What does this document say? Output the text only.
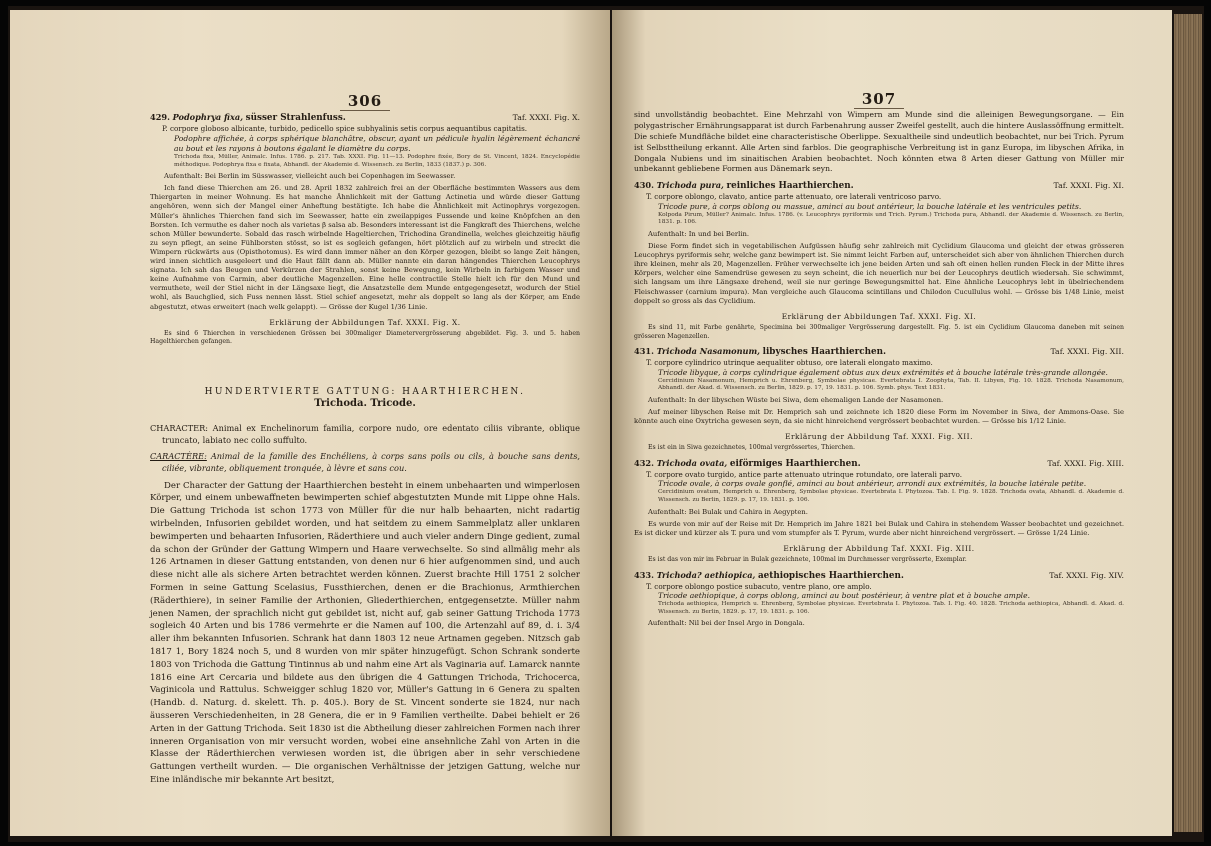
306
Taf. XXXI. Fig. X.
429. Podophrya fixa, süsser Strahlenfuss.
P. corpore globoso albicante, turbido, pedicello spice subhyalinis setis corpus aequantibus capitatis.
Podophre affichée, à corps sphérique blanchâtre, obscur, ayant un pédicule hyalin légèrement échancré au bout et les rayons à boutons égalant le diamètre du corps.
Trichoda fixa, Müller, Animalc. Infus. 1786. p. 217. Tab. XXXI. Fig. 11—13. Podophre fixée, Bory de St. Vincent, 1824. Encyclopédie méthodique. Podophrya fixa e fixata, Abhandl. der Akademie d. Wissensch. zu Berlin, 1833 (1837.) p. 306.
Aufenthalt: Bei Berlin im Süsswasser, vielleicht auch bei Copenhagen im Seewasser.
Ich fand diese Thierchen am 26. und 28. April 1832 zahlreich frei an der Oberfläche bestimmten Wassers aus dem Thiergarten in meiner Wohnung. Es hat manche Ähnlichkeit mit der Gattung Actinetia und würde dieser Gattung angehören, wenn sich der Mangel einer Anheftung bestätigte. Ich habe die Ähnlichkeit mit Actinophrys vorgezogen. Müller's ähnliches Thierchen fand sich im Seewasser, hatte ein zweilappiges Fussende und keine Knöpfchen an den Borsten. Ich vermuthe es daher noch als varietas β salsa ab. Besonders interessant ist die Fangkraft des Thierchens, welche schon Müller bewunderte. Sobald das rasch wirbelnde Hageltierchen, Trichodina Grandinella, welches gleichzeitig häufig zu seyn pflegt, an seine Fühlborsten stösst, so ist es sogleich gefangen, hört plötzlich auf zu wirbeln und streckt die Wimpern rückwärts aus (Opisthotomus). Es wird dann immer näher an den Körper gezogen, bleibt so lange Zeit hängen, wird innen sichtlich ausgeleert und die Haut fällt dann ab. Müller nannte ein daran hängendes Thierchen Leucophrys signata. Ich sah das Beugen und Verkürzen der Strahlen, sonst keine Bewegung, kein Wirbeln in farbigem Wasser und keine Aufnahme von Carmin, aber deutliche Magenzellen. Eine helle contractile Stelle hielt ich für den Mund und vermuthete, weil der Stiel nicht in der Längsaxe liegt, die Ansatzstelle dem Munde entgegengesetzt, wodurch der Stiel wohl, als Bauchglied, sich Fuss nennen lässt. Stiel schief angesetzt, mehr als doppelt so lang als der Körper, am Ende abgestutzt, etwas erweitert (nach welk gelappt). — Grösse der Kugel 1/36 Linie.
Erklärung der Abbildungen Taf. XXXI. Fig. X.
Es sind 6 Thierchen in verschiedenen Grössen bei 300maliger Diametervergrösserung abgebildet. Fig. 3. und 5. haben Hagelthierchen gefangen.
HUNDERTVIERTE GATTUNG: HAARTHIERCHEN.
Trichoda. Tricode.
CHARACTER: Animal ex Enchelinorum familia, corpore nudo, ore edentato ciliis vibrante, oblique truncato, labiato nec collo suffulto.
CARACTÈRE: Animal de la famille des Enchéliens, à corps sans poils ou cils, à bouche sans dents, ciliée, vibrante, obliquement tronquée, à lèvre et sans cou.
Der Character der Gattung der Haarthierchen besteht in einem unbehaarten und wimperlosen Körper, und einem unbewaffneten bewimperten schief abgestutzten Munde mit Lippe ohne Hals. Die Gattung Trichoda ist schon 1773 von Müller für die nur halb behaarten, nicht radartig wirbelnden, Infusorien gebildet worden, und hat seitdem zu einem Sammelplatz aller unklaren bewimperten und behaarten Infusorien, Räderthiere und auch vieler andern Dinge gedient, zumal da schon der Gründer der Gattung Wimpern und Haare verwechselte. So sind allmälig mehr als 126 Artnamen in dieser Gattung entstanden, von denen nur 6 hier aufgenommen sind, und auch diese nicht alle als sichere Arten betrachtet werden können. Zuerst brachte Hill 1751 2 solcher Formen in seine Gattung Scelasius, Fussthierchen, denen er die Brachionus, Armthierchen (Räderthiere), in seiner Familie der Arthonien, Gliederthierchen, entgegensetzte. Müller nahm jenen Namen, der sprachlich nicht gut gebildet ist, nicht auf, gab seiner Gattung Trichoda 1773 sogleich 40 Arten und bis 1786 vermehrte er die Namen auf 100, die Artenzahl auf 89, d. i. 3/4 aller ihm bekannten Infusorien. Schrank hat dann 1803 12 neue Artnamen gegeben. Nitzsch gab 1817 1, Bory 1824 noch 5, und 8 wurden von mir später hinzugefügt. Schon Schrank sonderte 1803 von Trichoda die Gattung Tintinnus ab und nahm eine Art als Vaginaria auf. Lamarck nannte 1816 eine Art Cercaria und bildete aus den übrigen die 4 Gattungen Trichoda, Trichocerca, Vaginicola und Rattulus. Schweigger schlug 1820 vor, Müller's Gattung in 6 Genera zu spalten (Handb. d. Naturg. d. skelett. Th. p. 405.). Bory de St. Vincent sonderte sie 1824, nur nach äusseren Verschiedenheiten, in 28 Genera, die er in 9 Familien vertheilte. Dabei behielt er 26 Arten in der Gattung Trichoda. Seit 1830 ist die Abtheilung dieser zahlreichen Formen nach ihrer inneren Organisation von mir versucht worden, wobei eine ansehnliche Zahl von Arten in die Klasse der Räderthierchen verwiesen worden ist, die übrigen aber in sehr verschiedene Gattungen vertheilt wurden. — Die organischen Verhältnisse der jetzigen Gattung, welche nur Eine inländische mir bekannte Art besitzt,
307
sind unvollständig beobachtet. Eine Mehrzahl von Wimpern am Munde sind die alleinigen Bewegungsorgane. — Ein polygastrischer Ernährungsapparat ist durch Farbenahrung ausser Zweifel gestellt, auch die hintere Auslassöffnung ermittelt. Die schiefe Mundfläche bildet eine characteristische Oberlippe. Sexualtheile sind undeutlich beobachtet, nur bei Trich. Pyrum ist Selbsttheilung erkannt. Alle Arten sind farblos. Die geographische Verbreitung ist in ganz Europa, im libyschen Afrika, in Dongala Nubiens und im sinaitischen Arabien beobachtet. Noch könnten etwa 8 Arten dieser Gattung von Müller mir unbekannt gebliebene Formen aus Dänemark seyn.
Taf. XXXI. Fig. XI.
430. Trichoda pura, reinliches Haarthierchen.
T. corpore oblongo, clavato, antice parte attenuato, ore laterali ventricoso parvo.
Tricode pure, à corps oblong ou massue, aminci au bout antérieur, la bouche latérale et les ventricules petits.
Kolpoda Pirum, Müller? Animalc. Infus. 1786. (v. Leucophrys pyriformis und Trich. Pyrum.) Trichoda pura, Abhandl. der Akademie d. Wissensch. zu Berlin, 1831. p. 106.
Aufenthalt: In und bei Berlin.
Diese Form findet sich in vegetabilischen Aufgüssen häufig sehr zahlreich mit Cyclidium Glaucoma und gleicht der etwas grösseren Leucophrys pyriformis sehr, welche ganz bewimpert ist. Sie nimmt leicht Farben auf, unterscheidet sich aber von ähnlichen Thierchen durch ihre kleinen, mehr als 20, Magenzellen. Früher verwechselte ich jene beiden Arten und sah oft einen hellen runden Fleck in der Mitte ihres Körpers, welcher eine Samendrüse gewesen zu seyn scheint, die ich neuerlich nur bei der Leucophrys deutlich wiedersah. Sie schwimmt, sich langsam um ihre Längsaxe drehend, weil sie nur geringe Bewegungsmittel hat. Eine ähnliche Leucophrys lebt in übelriechendem Fleischwasser (carnium impura). Man vergleiche auch Glaucoma scintillans und Chilodon Cucullulus wohl. — Grösse bis 1/48 Linie, meist doppelt so gross als das Cyclidium.
Erklärung der Abbildungen Taf. XXXI. Fig. XI.
Es sind 11, mit Farbe genährte, Specimina bei 300maliger Vergrösserung dargestellt. Fig. 5. ist ein Cyclidium Glaucoma daneben mit seinen grösseren Magenzellen.
Taf. XXXI. Fig. XII.
431. Trichoda Nasamonum, libysches Haarthierchen.
T. corpore cylindrico utrinque aequaliter obtuso, ore laterali elongato maximo.
Tricode libyque, à corps cylindrique également obtus aux deux extrémités et à bouche latérale très-grande allongée.
Cercidinium Nasamonum, Hemprich u. Ehrenberg, Symbolae physicae. Evertebrata I. Zoophyta, Tab. II. Libyen, Fig. 10. 1828. Trichoda Nasamonum, Abhandl. der Akad. d. Wissensch. zu Berlin, 1829. p. 17, 19. 1831. p. 106. Symb. phys. Text 1831.
Aufenthalt: In der libyschen Wüste bei Siwa, dem ehemaligen Lande der Nasamonen.
Auf meiner libyschen Reise mit Dr. Hemprich sah und zeichnete ich 1820 diese Form im November in Siwa, der Ammons-Oase. Sie könnte auch eine Oxytricha gewesen seyn, da sie nicht hinreichend vergrössert beobachtet wurden. — Grösse bis 1/12 Linie.
Erklärung der Abbildung Taf. XXXI. Fig. XII.
Es ist ein in Siwa gezeichnetes, 100mal vergrössertes, Thierchen.
Taf. XXXI. Fig. XIII.
432. Trichoda ovata, eiförmiges Haarthierchen.
T. corpore ovato turgido, antice parte attenuato utrinque rotundato, ore laterali parvo.
Tricode ovale, à corps ovale gonflé, aminci au bout antérieur, arrondi aux extrémités, la bouche latérale petite.
Cercidinium ovatum, Hemprich u. Ehrenberg, Symbolae physicae. Evertebrata I. Phytozoa. Tab. I. Fig. 9. 1828. Trichoda ovata, Abhandl. d. Akademie d. Wissensch. zu Berlin, 1829. p. 17, 19. 1831. p. 106.
Aufenthalt: Bei Bulak und Cahira in Aegypten.
Es wurde von mir auf der Reise mit Dr. Hemprich im Jahre 1821 bei Bulak und Cahira in stehendem Wasser beobachtet und gezeichnet. Es ist dicker und kürzer als T. pura und vom stumpfer als T. Pyrum, wurde aber nicht hinreichend vergrössert. — Grösse 1/24 Linie.
Erklärung der Abbildung Taf. XXXI. Fig. XIII.
Es ist das von mir im Februar in Bulak gezeichnete, 100mal im Durchmesser vergrösserte, Exemplar.
Taf. XXXI. Fig. XIV.
433. Trichoda? aethiopica, aethiopisches Haarthierchen.
T. corpore oblongo postice subacuto, ventre plano, ore amplo.
Tricode aethiopique, à corps oblong, aminci au bout postérieur, à ventre plat et à bouche ample.
Trichoda aethiopica, Hemprich u. Ehrenberg, Symbolae physicae. Evertebrata I. Phytozoa. Tab. I. Fig. 40. 1828. Trichoda aethiopica, Abhandl. d. Akad. d. Wissensch. zu Berlin, 1829. p. 17, 19. 1831. p. 106.
Aufenthalt: Nil bei der Insel Argo in Dongala.
